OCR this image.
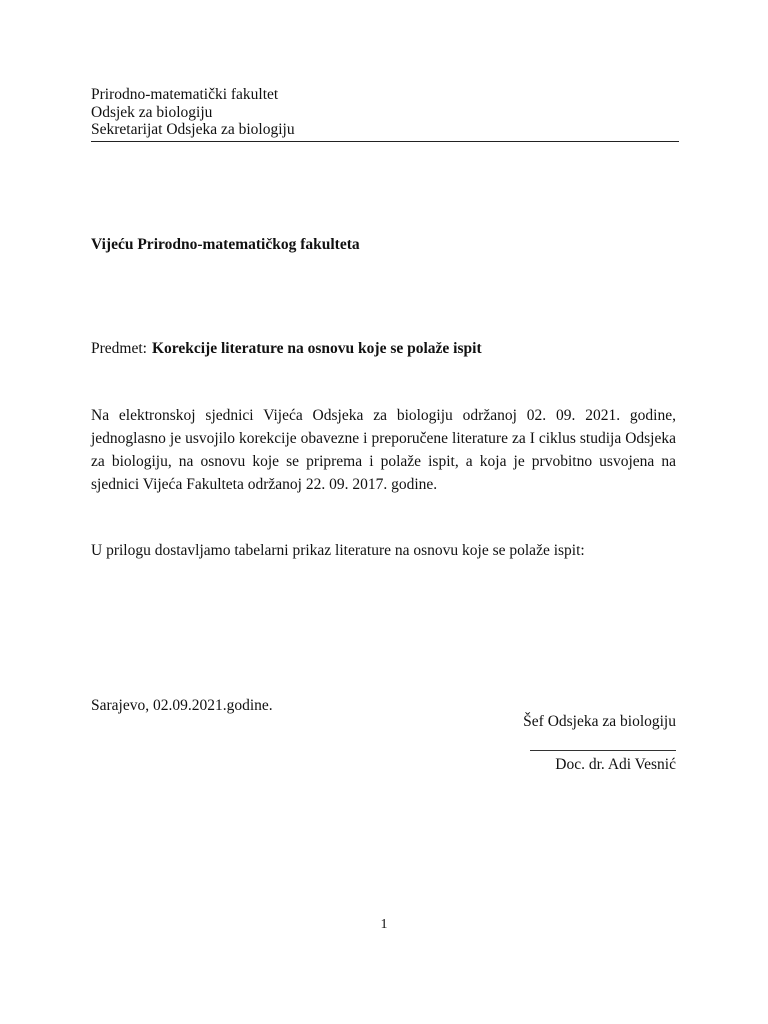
Prirodno-matematički fakultet
Odsjek za biologiju
Sekretarijat Odsjeka za biologiju
Vijeću Prirodno-matematičkog fakulteta
Predmet: Korekcije literature na osnovu koje se polaže ispit
Na elektronskoj sjednici Vijeća Odsjeka za biologiju održanoj 02. 09. 2021. godine, jednoglasno je usvojilo korekcije obavezne i preporučene literature za I ciklus studija Odsjeka za biologiju, na osnovu koje se priprema i polaže ispit, a koja je prvobitno usvojena na sjednici Vijeća Fakulteta održanoj 22. 09. 2017. godine.
U prilogu dostavljamo tabelarni prikaz literature na osnovu koje se polaže ispit:
Sarajevo, 02.09.2021.godine.
Šef Odsjeka za biologiju
Doc. dr. Adi Vesnić
1
